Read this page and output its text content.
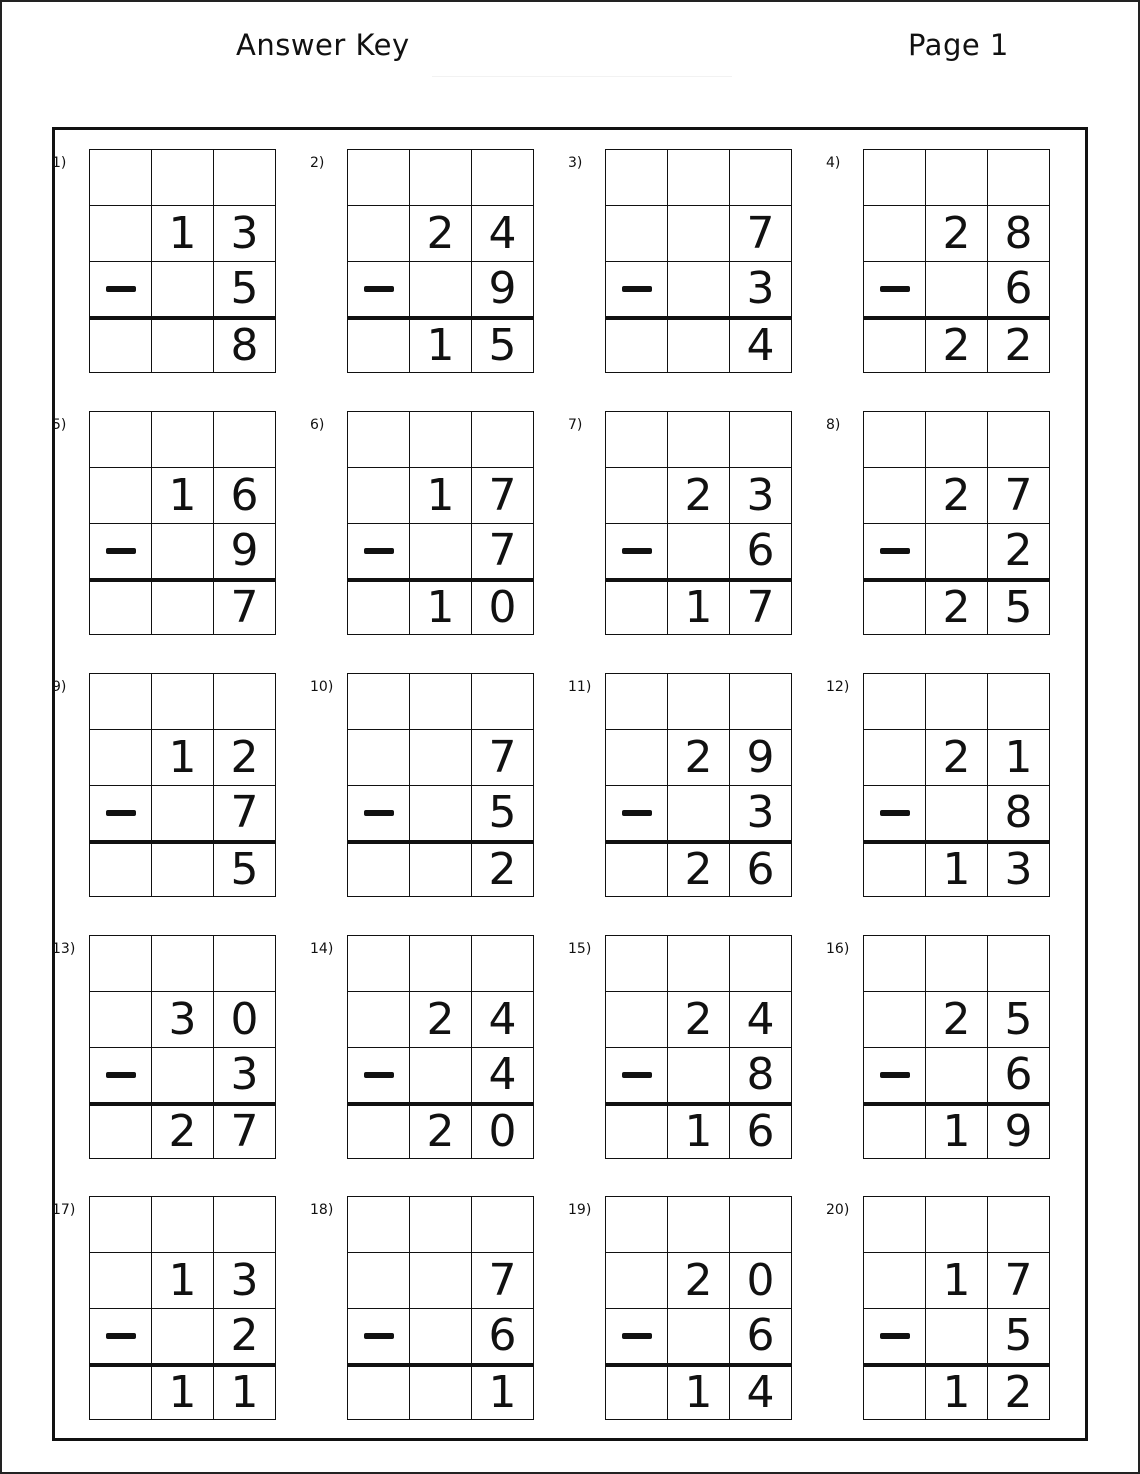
Answer Key	Page 1
1)
1 3
5
8
2)
2 4
9
1 5
3)
7
3
4
4)
2 8
6
2 2
5)
1 6
9
7
6)
1 7
7
1 0
7)
2 3
6
1 7
8)
2 7
2
2 5
9)
1 2
7
5
10)
7
5
2
11)
2 9
3
2 6
12)
2 1
8
1 3
13)
3 0
3
2 7
14)
2 4
4
2 0
15)
2 4
8
1 6
16)
2 5
6
1 9
17)
1 3
2
1 1
18)
7
6
1
19)
2 0
6
1 4
20)
1 7
5
1 2
